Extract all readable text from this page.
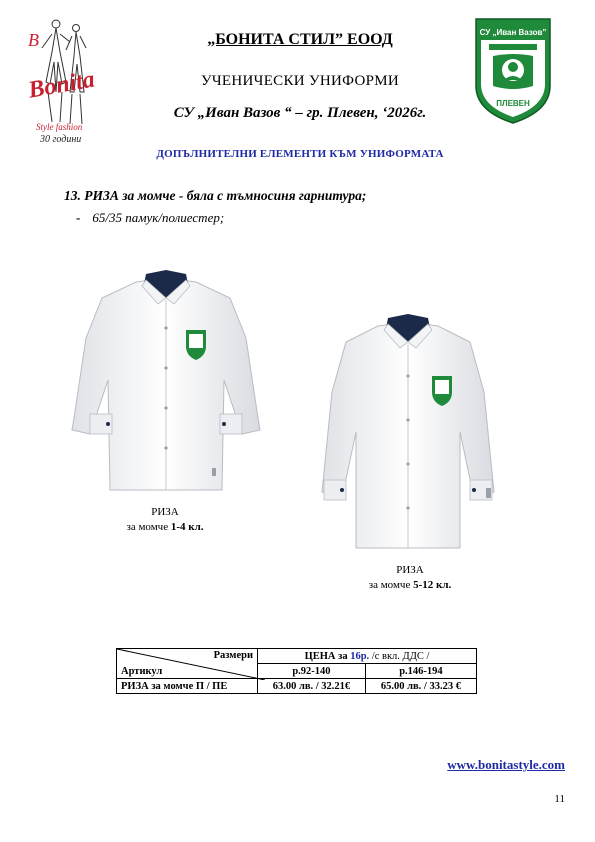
B
Bonita
Style fashion
30 години
„БОНИТА СТИЛ” ЕООД
УЧЕНИЧЕСКИ УНИФОРМИ
СУ „Иван Вазов “ – гр. Плевен, ‘2026г.
СУ „Иван Вазов”
ПЛЕВЕН
ДОПЪЛНИТЕЛНИ ЕЛЕМЕНТИ КЪМ УНИФОРМАТА
13. РИЗА за момче - бяла с тъмносиня гарнитура;
- 65/35 памук/полиестер;
РИЗА
за момче 1-4 кл.
РИЗА
за момче 5-12 кл.
Размери
Артикул	ЦЕНА за 16р. /с вкл. ДДС /	
	р.92-140	р.146-194
РИЗА за момче П / ПЕ	63.00 лв. / 32.21€	65.00 лв. / 33.23 €
www.bonitastyle.com
11
